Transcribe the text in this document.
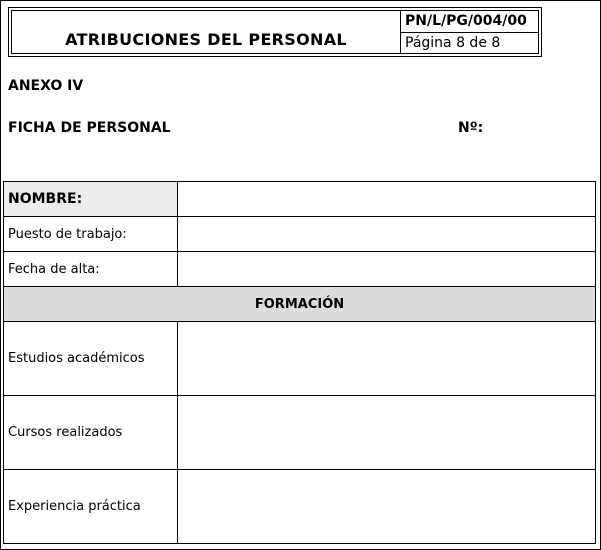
ATRIBUCIONES DEL PERSONAL
PN/L/PG/004/00
Página 8 de 8
ANEXO IV
FICHA DE PERSONAL	Nº:
NOMBRE:	
Puesto de trabajo:	
Fecha de alta:	
FORMACIÓN	
Estudios académicos	
Cursos realizados	
Experiencia práctica	
